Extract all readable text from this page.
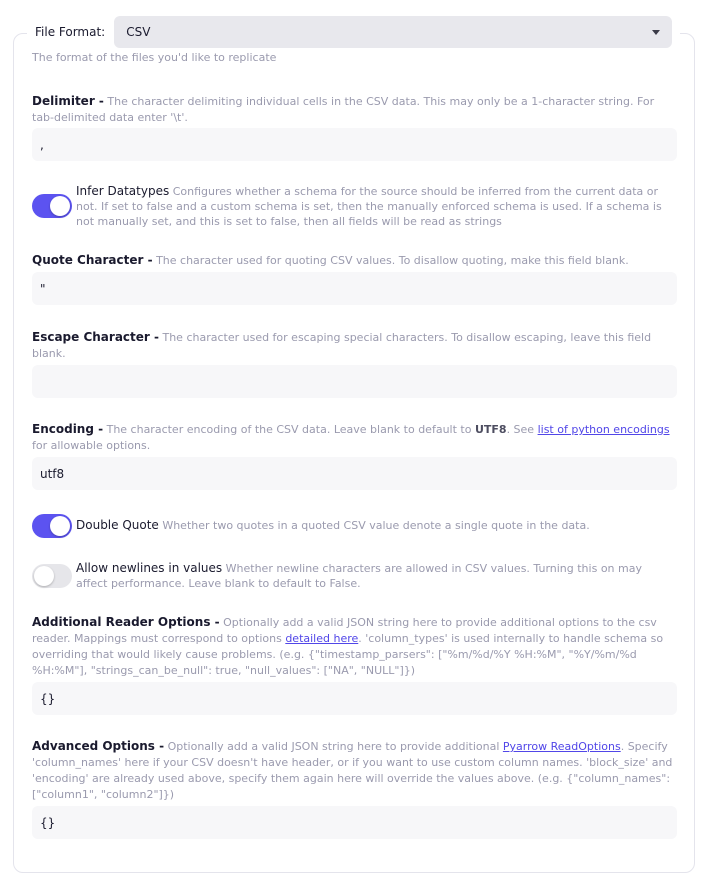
File Format: CSV
The format of the files you'd like to replicate
Delimiter - The character delimiting individual cells in the CSV data. This may only be a 1-character string. For tab-delimited data enter '\t'.
,
Infer Datatypes Configures whether a schema for the source should be inferred from the current data or not. If set to false and a custom schema is set, then the manually enforced schema is used. If a schema is not manually set, and this is set to false, then all fields will be read as strings
Quote Character - The character used for quoting CSV values. To disallow quoting, make this field blank.
"
Escape Character - The character used for escaping special characters. To disallow escaping, leave this field blank.
Encoding - The character encoding of the CSV data. Leave blank to default to UTF8. See list of python encodings for allowable options.
utf8
Double Quote Whether two quotes in a quoted CSV value denote a single quote in the data.
Allow newlines in values Whether newline characters are allowed in CSV values. Turning this on may affect performance. Leave blank to default to False.
Additional Reader Options - Optionally add a valid JSON string here to provide additional options to the csv reader. Mappings must correspond to options detailed here. 'column_types' is used internally to handle schema so overriding that would likely cause problems. (e.g. {"timestamp_parsers": ["%m/%d/%Y %H:%M", "%Y/%m/%d %H:%M"], "strings_can_be_null": true, "null_values": ["NA", "NULL"]})
{}
Advanced Options - Optionally add a valid JSON string here to provide additional Pyarrow ReadOptions. Specify 'column_names' here if your CSV doesn't have header, or if you want to use custom column names. 'block_size' and 'encoding' are already used above, specify them again here will override the values above. (e.g. {"column_names": ["column1", "column2"]})
{}
